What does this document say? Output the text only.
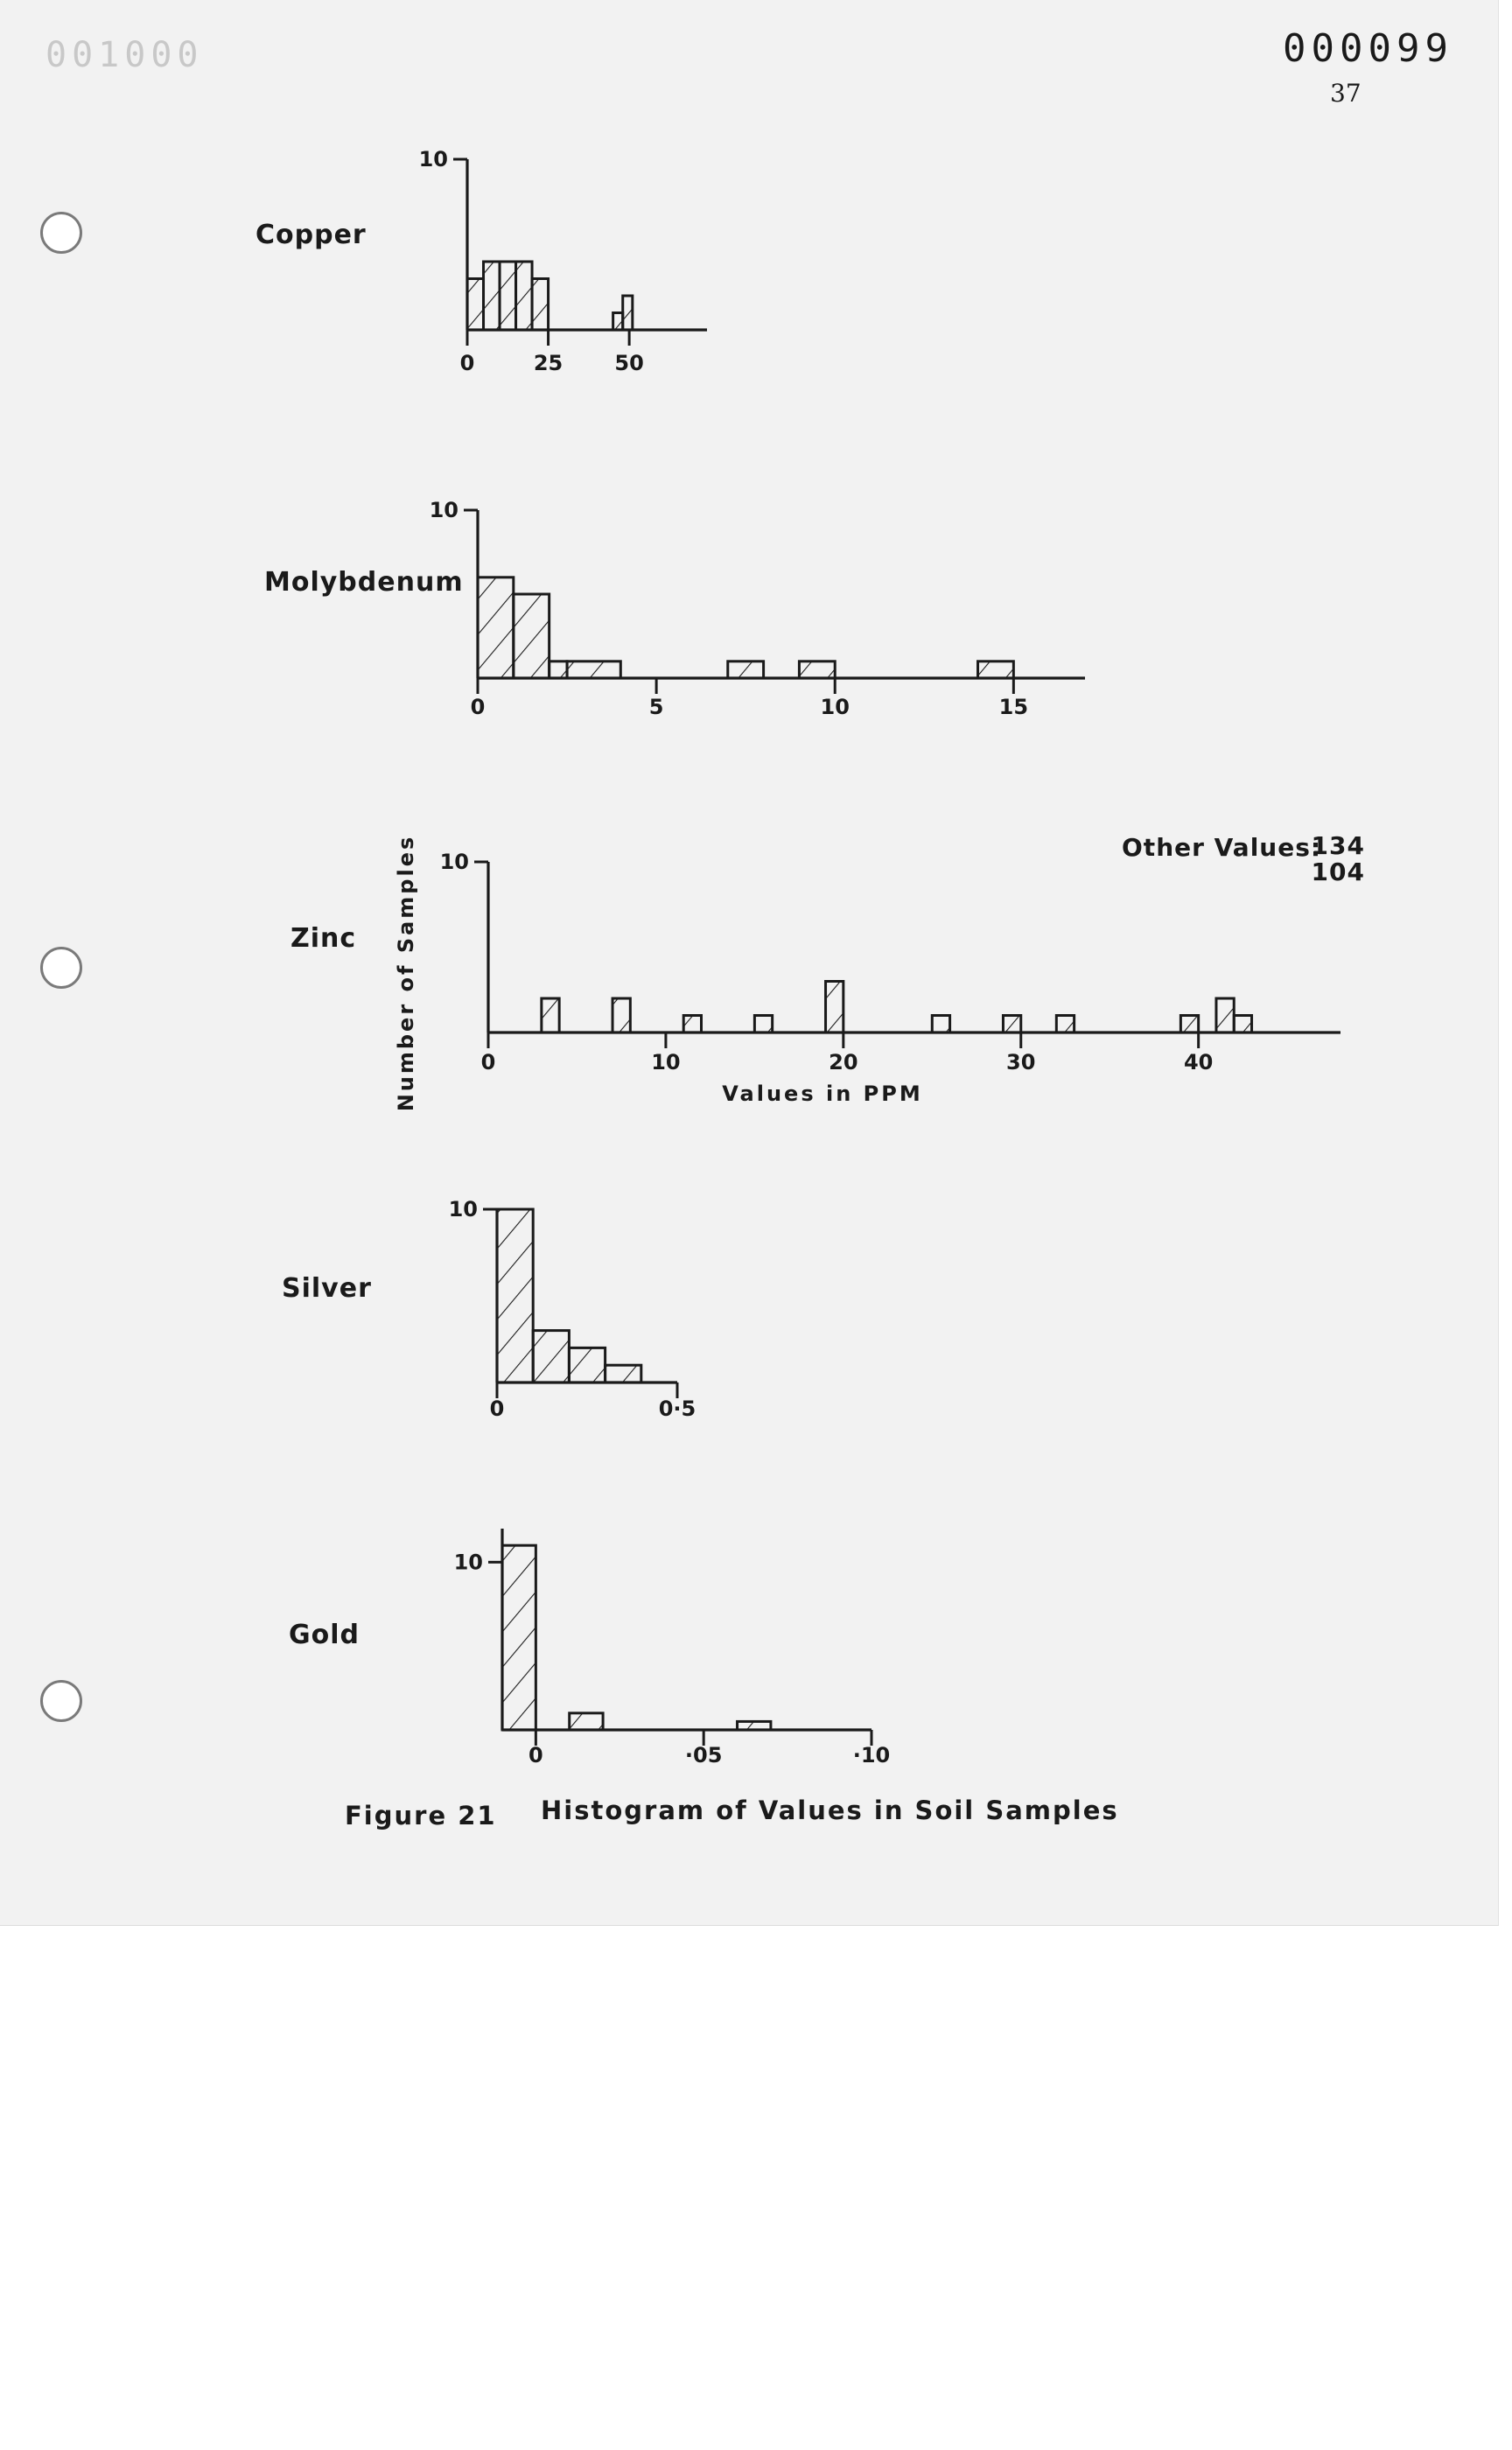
001000	000099
37
Copper
10
0	25 50
Molybdenum
10
0	5	10	15
Zinc
10
0	10	20	30	40
Number of Samples	Values in PPM
Other Values:
134
104
Silver
10
0	0·5
Gold
10
0	·05	·10
Figure 21 Histogram of Values in Soil Samples
